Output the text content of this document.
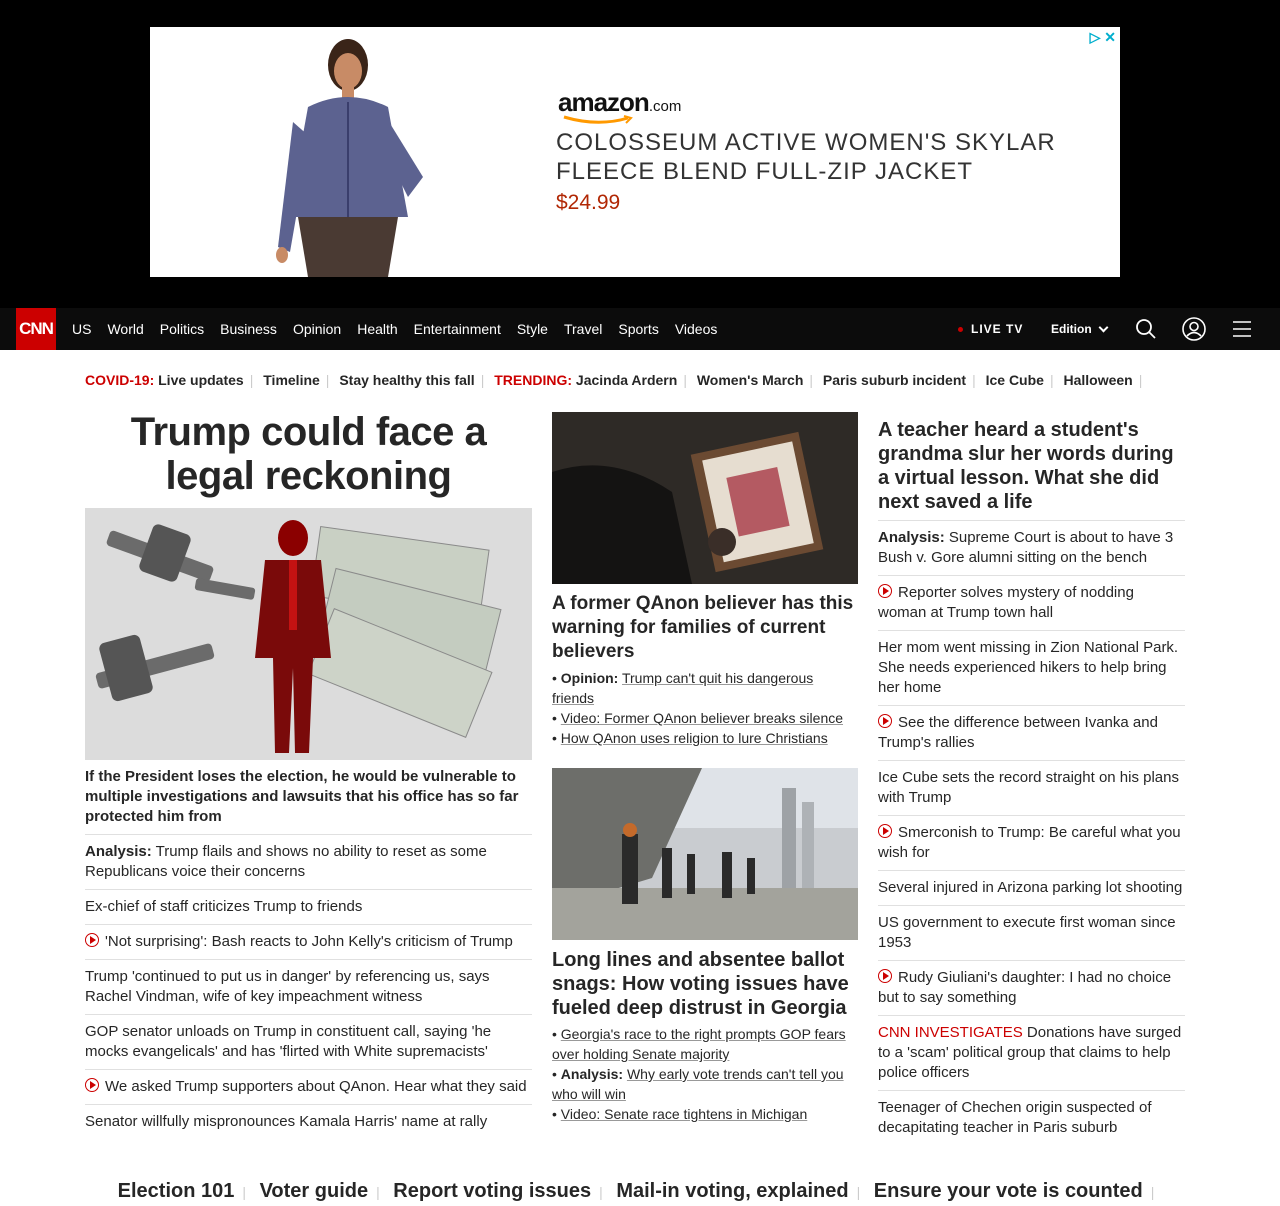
amazon.com
COLOSSEUM ACTIVE WOMEN'S SKYLAR FLEECE BLEND FULL-ZIP JACKET
$24.99
▷ ✕
CNN US World Politics Business Opinion Health Entertainment Style Travel Sports Videos	LIVE TV Edition
COVID-19: Live updates | Timeline | Stay healthy this fall | TRENDING: Jacinda Ardern | Women's March | Paris suburb incident | Ice Cube | Halloween |
Trump could face a legal reckoning
If the President loses the election, he would be vulnerable to multiple investigations and lawsuits that his office has so far protected him from
Analysis: Trump flails and shows no ability to reset as some Republicans voice their concerns
Ex-chief of staff criticizes Trump to friends
'Not surprising': Bash reacts to John Kelly's criticism of Trump
Trump 'continued to put us in danger' by referencing us, says Rachel Vindman, wife of key impeachment witness
GOP senator unloads on Trump in constituent call, saying 'he mocks evangelicals' and has 'flirted with White supremacists'
We asked Trump supporters about QAnon. Hear what they said
Senator willfully mispronounces Kamala Harris' name at rally
A former QAnon believer has this warning for families of current believers
• Opinion: Trump can't quit his dangerous friends
• Video: Former QAnon believer breaks silence
• How QAnon uses religion to lure Christians
Long lines and absentee ballot snags: How voting issues have fueled deep distrust in Georgia
• Georgia's race to the right prompts GOP fears over holding Senate majority
• Analysis: Why early vote trends can't tell you who will win
• Video: Senate race tightens in Michigan
A teacher heard a student's grandma slur her words during a virtual lesson. What she did next saved a life
Analysis: Supreme Court is about to have 3 Bush v. Gore alumni sitting on the bench
Reporter solves mystery of nodding woman at Trump town hall
Her mom went missing in Zion National Park. She needs experienced hikers to help bring her home
See the difference between Ivanka and Trump's rallies
Ice Cube sets the record straight on his plans with Trump
Smerconish to Trump: Be careful what you wish for
Several injured in Arizona parking lot shooting
US government to execute first woman since 1953
Rudy Giuliani's daughter: I had no choice but to say something
CNN INVESTIGATES Donations have surged to a 'scam' political group that claims to help police officers
Teenager of Chechen origin suspected of decapitating teacher in Paris suburb
Election 101 | Voter guide | Report voting issues | Mail-in voting, explained | Ensure your vote is counted |
